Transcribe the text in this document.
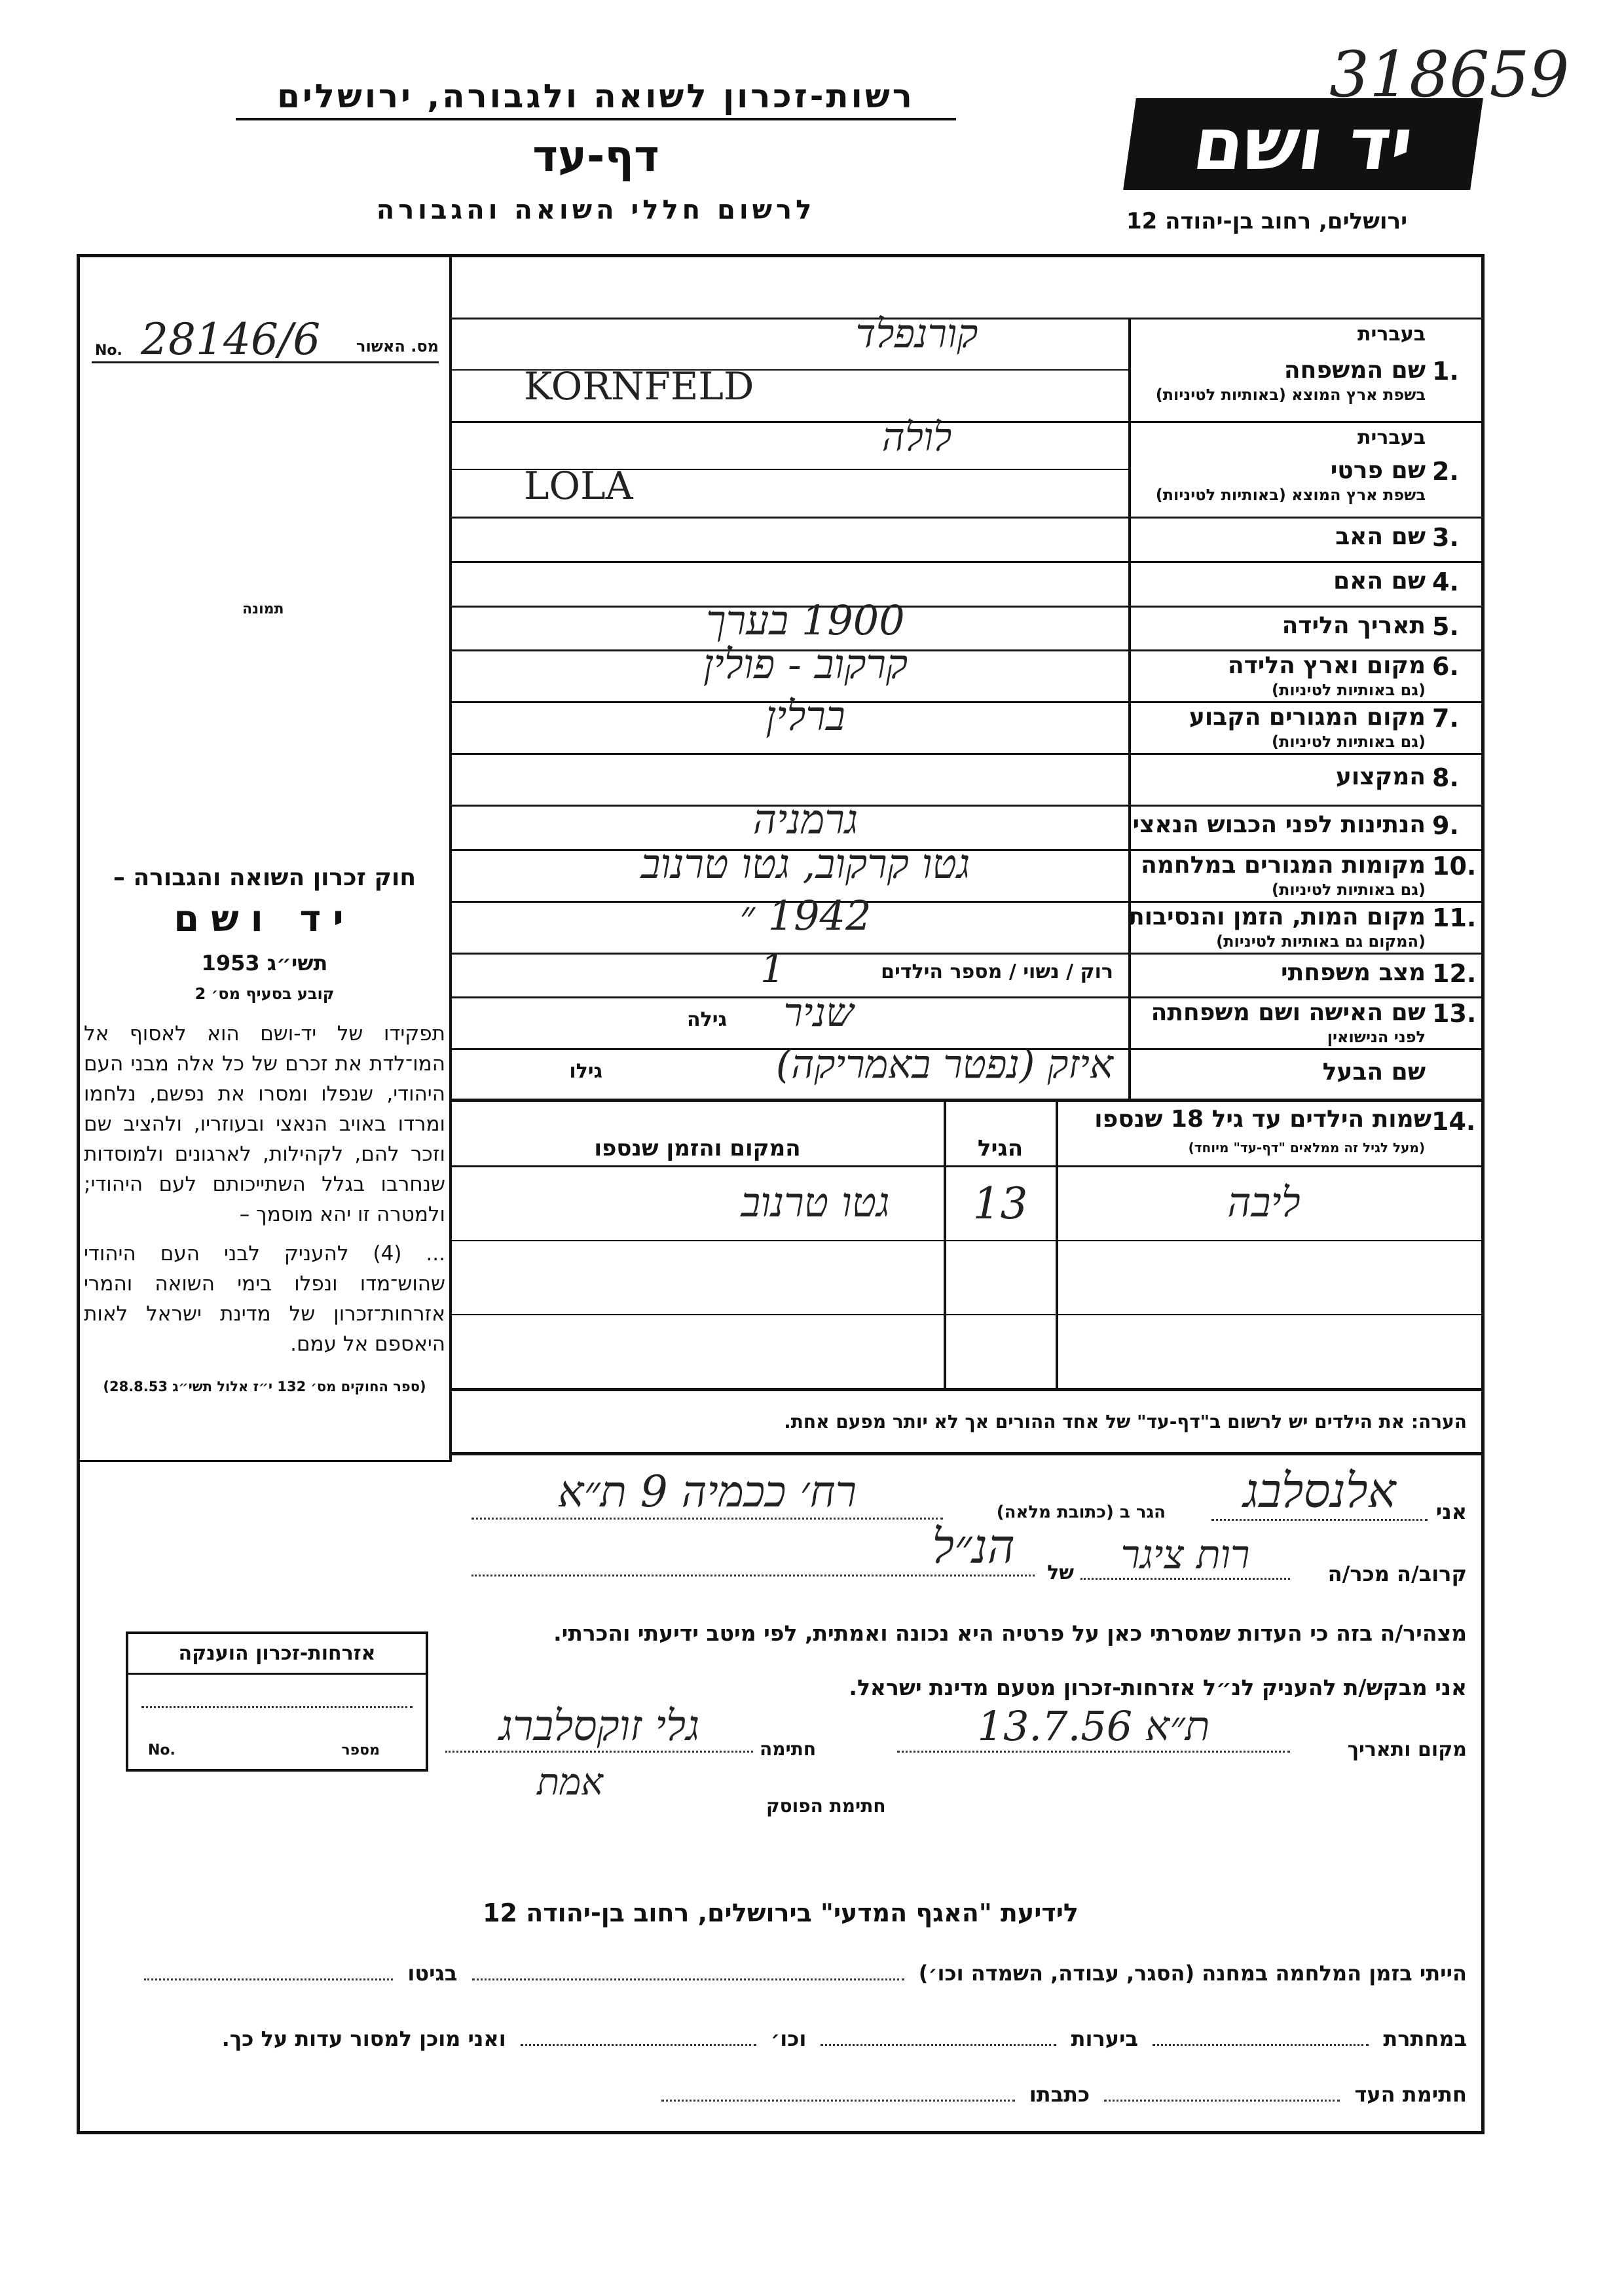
רשות-זכרון לשואה ולגבורה, ירושלים
דף-עד
לרשום חללי השואה והגבורה
יד ושם
318659
ירושלים, רחוב בן-יהודה 12
מס. האשור
No. 28146/6
תמונה
חוק זכרון השואה והגבורה –
יד ושם
תשי״ג 1953
קובע בסעיף מס׳ 2
תפקידו של יד-ושם הוא לאסוף אל המו־לדת את זכרם של כל אלה מבני העם היהודי, שנפלו ומסרו את נפשם, נלחמו ומרדו באויב הנאצי ובעוזריו, ולהציב שם וזכר להם, לקהילות, לארגונים ולמוסדות שנחרבו בגלל השתייכותם לעם היהודי; ולמטרה זו יהא מוסמך –
... (4) להעניק לבני העם היהודי שהוש־מדו ונפלו בימי השואה והמרי אזרחות־זכרון של מדינת ישראל לאות היאספם אל עמם.
(ספר החוקים מס׳ 132 י״ז אלול תשי״ג 28.8.53)
בעברית
1.
שם המשפחה
בשפת ארץ המוצא (באותיות לטיניות)
קורנפלד
KORNFELD
בעברית
2.
שם פרטי
בשפת ארץ המוצא (באותיות לטיניות)
לולה
LOLA
3.
שם האב
4.
שם האם
5.
תאריך הלידה
1900 בערך
6.
מקום וארץ הלידה
(גם באותיות לטיניות)
קרקוב - פולין
7.
מקום המגורים הקבוע
(גם באותיות לטיניות)
ברלין
8.
המקצוע
9.
הנתינות לפני הכבוש הנאצי
גרמניה
10.
מקומות המגורים במלחמה
(גם באותיות לטיניות)
גטו קרקוב, גטו טרנוב
11.
מקום המות, הזמן והנסיבות
(המקום גם באותיות לטיניות)
1942 ״
12.
מצב משפחתי
רוק / נשוי / מספר הילדים
1
13.
שם האישה ושם משפחתה
לפני הנישואין
גילה	שניר
שם הבעל
גילו	איזק (נפטר באמריקה)
14.
שמות הילדים עד גיל 18 שנספו
(מעל לגיל זה ממלאים "דף-עד" מיוחד)
הגיל
המקום והזמן שנספו
ליבה
13
גטו טרנוב
הערה: את הילדים יש לרשום ב"דף-עד" של אחד ההורים אך לא יותר מפעם אחת.
אני
אלנסלבג
הגר ב (כתובת מלאה)
רח׳ ככמיה 9 ת״א
קרוב/ה מכר/ה
רות ציגר
של
הנ״ל
מצהיר/ה בזה כי העדות שמסרתי כאן על פרטיה היא נכונה ואמתית, לפי מיטב ידיעתי והכרתי.
אני מבקש/ת להעניק לנ״ל אזרחות-זכרון מטעם מדינת ישראל.
מקום ותאריך
ת״א 13.7.56
חתימה
גלי זוקסלברג
אמת
חתימת הפוסק
אזרחות-זכרון הוענקה
מספר
No.
לידיעת "האגף המדעי" בירושלים, רחוב בן-יהודה 12
הייתי בזמן המלחמה במחנה (הסגר, עבודה, השמדה וכו׳)  בגיטו
במחתרת  ביערות  וכו׳  ואני מוכן למסור עדות על כך.
חתימת העד  כתבתו
